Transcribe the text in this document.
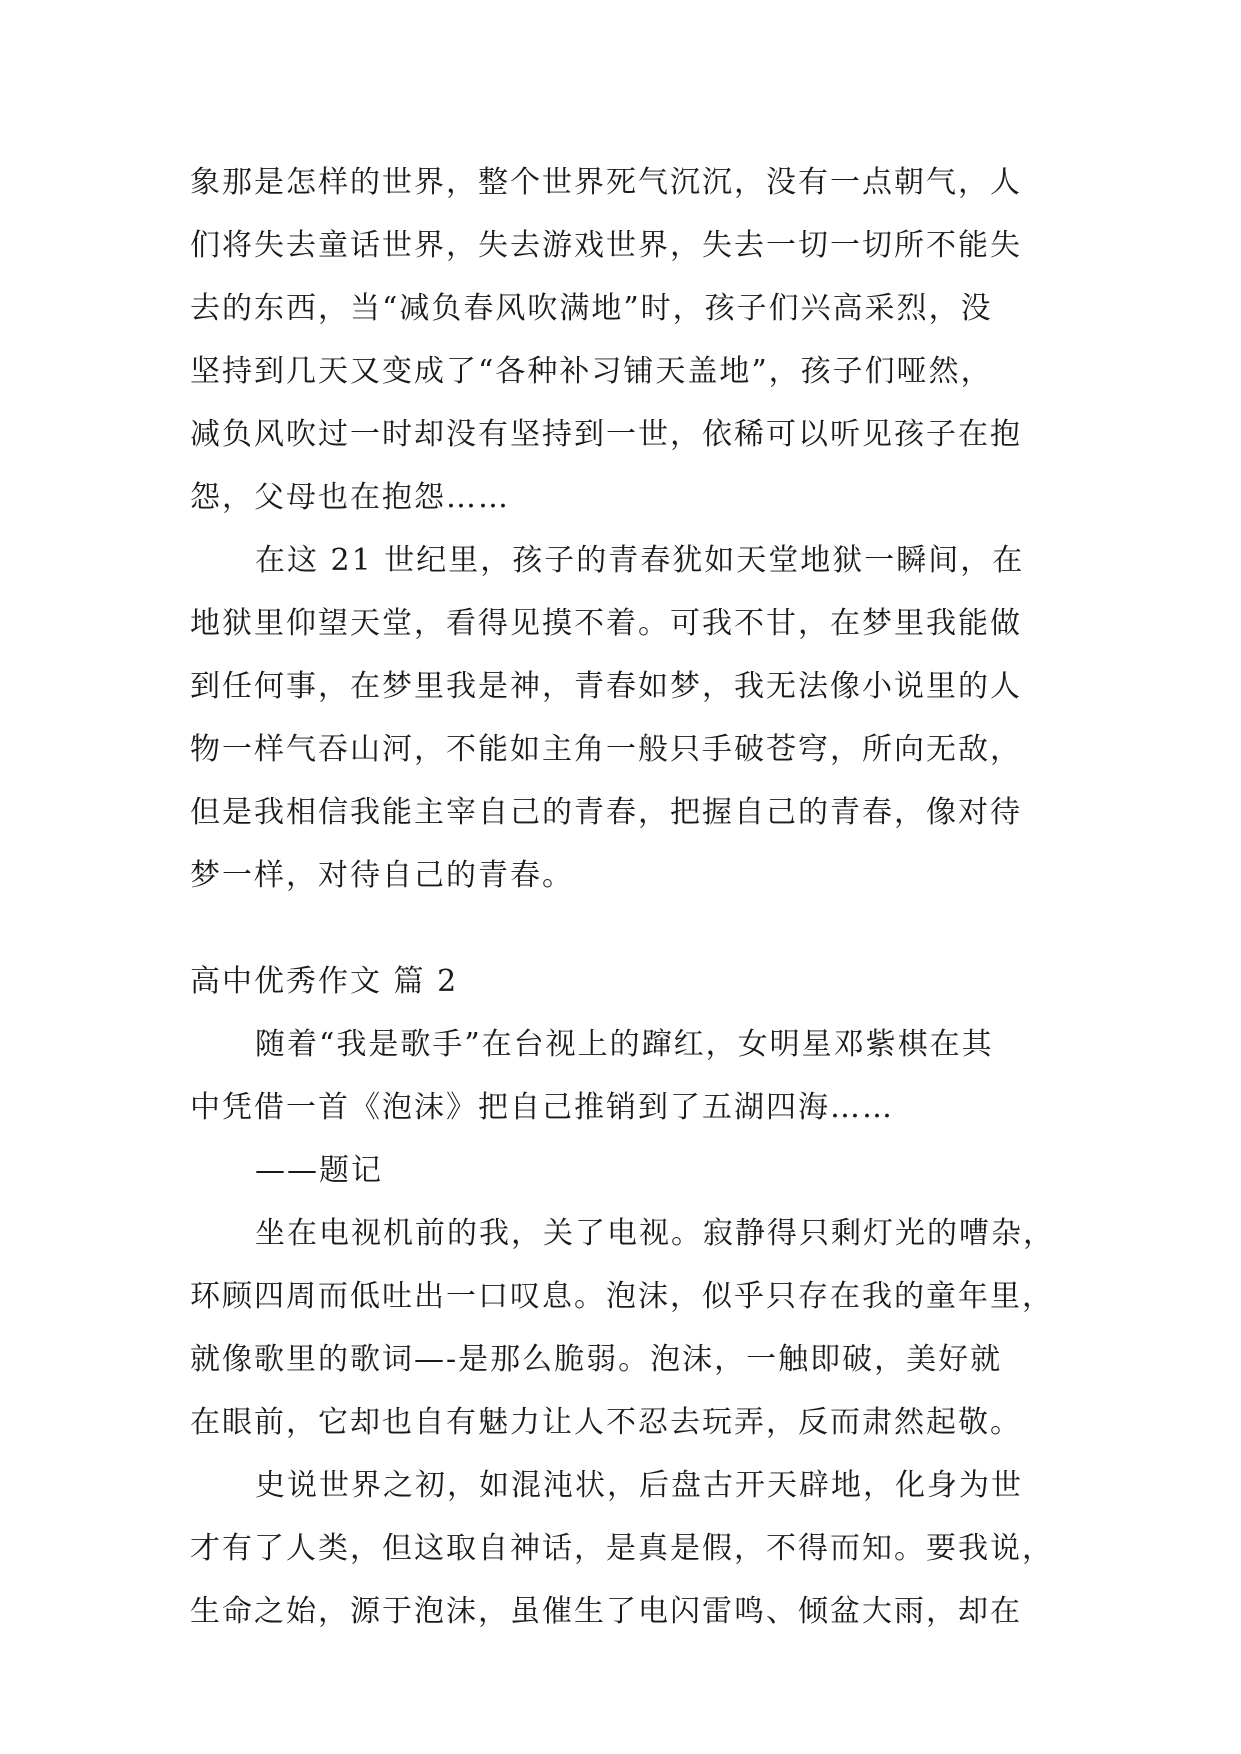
象那是怎样的世界，整个世界死气沉沉，没有一点朝气，人
们将失去童话世界，失去游戏世界，失去一切一切所不能失
去的东西，当“减负春风吹满地”时，孩子们兴高采烈，没
坚持到几天又变成了“各种补习铺天盖地”，孩子们哑然，
减负风吹过一时却没有坚持到一世，依稀可以听见孩子在抱
怨，父母也在抱怨……
在这 21 世纪里，孩子的青春犹如天堂地狱一瞬间，在
地狱里仰望天堂，看得见摸不着。可我不甘，在梦里我能做
到任何事，在梦里我是神，青春如梦，我无法像小说里的人
物一样气吞山河，不能如主角一般只手破苍穹，所向无敌，
但是我相信我能主宰自己的青春，把握自己的青春，像对待
梦一样，对待自己的青春。
高中优秀作文 篇 2
随着“我是歌手”在台视上的蹿红，女明星邓紫棋在其
中凭借一首《泡沫》把自己推销到了五湖四海……
——题记
坐在电视机前的我，关了电视。寂静得只剩灯光的嘈杂，
环顾四周而低吐出一口叹息。泡沫，似乎只存在我的童年里，
就像歌里的歌词—-是那么脆弱。泡沫，一触即破，美好就
在眼前，它却也自有魅力让人不忍去玩弄，反而肃然起敬。
史说世界之初，如混沌状，后盘古开天辟地，化身为世
才有了人类，但这取自神话，是真是假，不得而知。要我说，
生命之始，源于泡沫，虽催生了电闪雷鸣、倾盆大雨，却在
